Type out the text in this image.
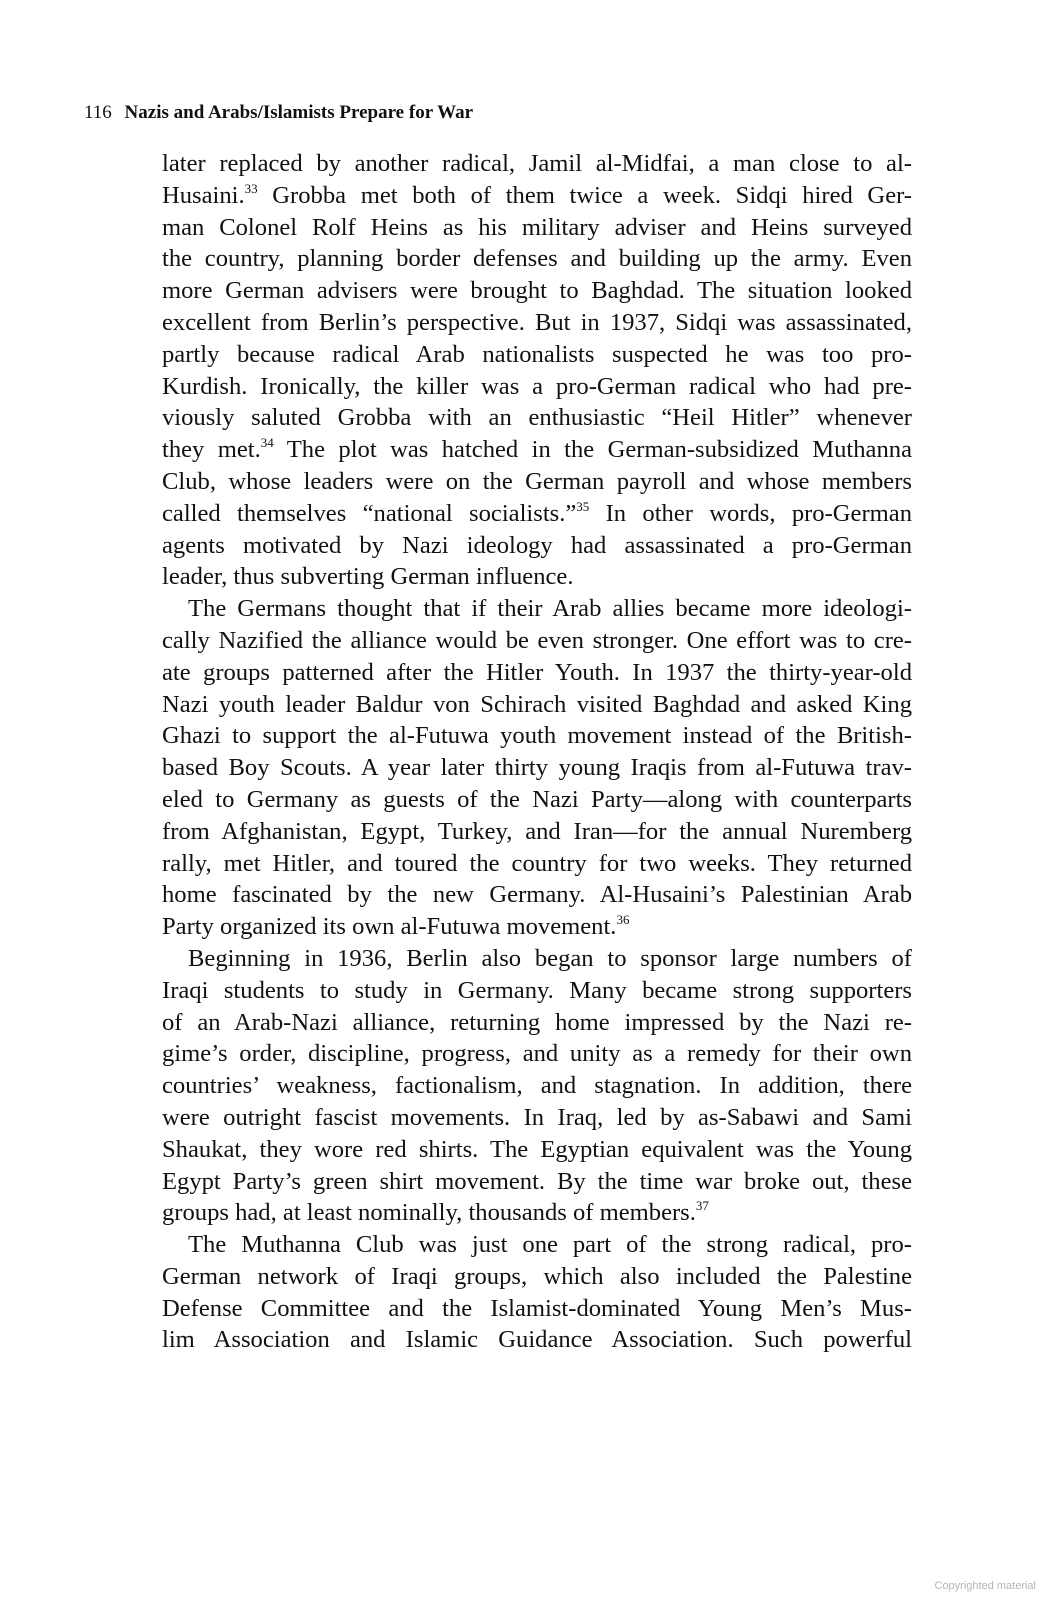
116 Nazis and Arabs/Islamists Prepare for War
later replaced by another radical, Jamil al-Midfai, a man close to al-
Husaini.$^{33}$ Grobba met both of them twice a week. Sidqi hired Ger-
man Colonel Rolf Heins as his military adviser and Heins surveyed
the country, planning border defenses and building up the army. Even
more German advisers were brought to Baghdad. The situation looked
excellent from Berlin’s perspective. But in 1937, Sidqi was assassinated,
partly because radical Arab nationalists suspected he was too pro-
Kurdish. Ironically, the killer was a pro-German radical who had pre-
viously saluted Grobba with an enthusiastic “Heil Hitler” whenever
they met.$^{34}$ The plot was hatched in the German-subsidized Muthanna
Club, whose leaders were on the German payroll and whose members
called themselves “national socialists.”$^{35}$ In other words, pro-German
agents motivated by Nazi ideology had assassinated a pro-German
leader, thus subverting German influence.
The Germans thought that if their Arab allies became more ideologi-
cally Nazified the alliance would be even stronger. One effort was to cre-
ate groups patterned after the Hitler Youth. In 1937 the thirty-year-old
Nazi youth leader Baldur von Schirach visited Baghdad and asked King
Ghazi to support the al-Futuwa youth movement instead of the British-
based Boy Scouts. A year later thirty young Iraqis from al-Futuwa trav-
eled to Germany as guests of the Nazi Party—along with counterparts
from Afghanistan, Egypt, Turkey, and Iran—for the annual Nuremberg
rally, met Hitler, and toured the country for two weeks. They returned
home fascinated by the new Germany. Al-Husaini’s Palestinian Arab
Party organized its own al-Futuwa movement.$^{36}$
Beginning in 1936, Berlin also began to sponsor large numbers of
Iraqi students to study in Germany. Many became strong supporters
of an Arab-Nazi alliance, returning home impressed by the Nazi re-
gime’s order, discipline, progress, and unity as a remedy for their own
countries’ weakness, factionalism, and stagnation. In addition, there
were outright fascist movements. In Iraq, led by as-Sabawi and Sami
Shaukat, they wore red shirts. The Egyptian equivalent was the Young
Egypt Party’s green shirt movement. By the time war broke out, these
groups had, at least nominally, thousands of members.$^{37}$
The Muthanna Club was just one part of the strong radical, pro-
German network of Iraqi groups, which also included the Palestine
Defense Committee and the Islamist-dominated Young Men’s Mus-
lim Association and Islamic Guidance Association. Such powerful
Copyrighted material
